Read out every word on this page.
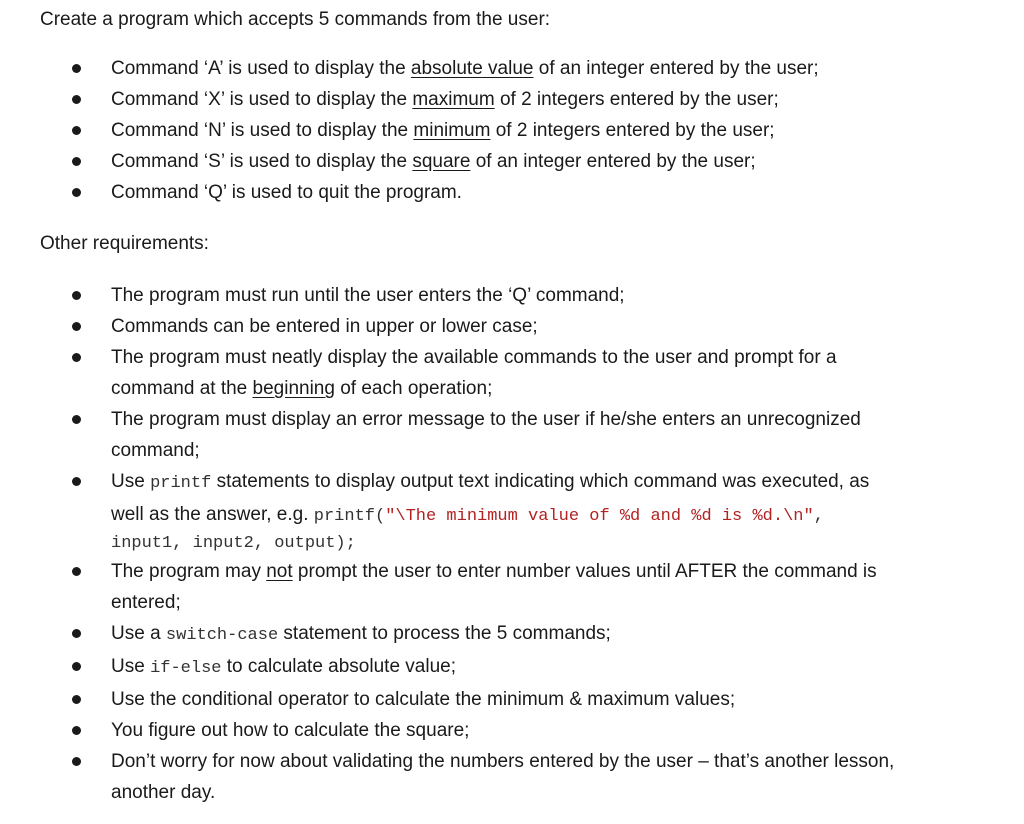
Create a program which accepts 5 commands from the user:

Command ‘A’ is used to display the absolute value of an integer entered by the user;
Command ‘X’ is used to display the maximum of 2 integers entered by the user;
Command ‘N’ is used to display the minimum of 2 integers entered by the user;
Command ‘S’ is used to display the square of an integer entered by the user;
Command ‘Q’ is used to quit the program.

Other requirements:

The program must run until the user enters the ‘Q’ command;
Commands can be entered in upper or lower case;
The program must neatly display the available commands to the user and prompt for a
command at the beginning of each operation;
The program must display an error message to the user if he/she enters an unrecognized
command;
Use printf statements to display output text indicating which command was executed, as
well as the answer, e.g. printf("\The minimum value of %d and %d is %d.\n",
input1, input2, output);
The program may not prompt the user to enter number values until AFTER the command is
entered;
Use a switch-case statement to process the 5 commands;
Use if-else to calculate absolute value;
Use the conditional operator to calculate the minimum & maximum values;
You figure out how to calculate the square;
Don’t worry for now about validating the numbers entered by the user – that’s another lesson,
another day.
